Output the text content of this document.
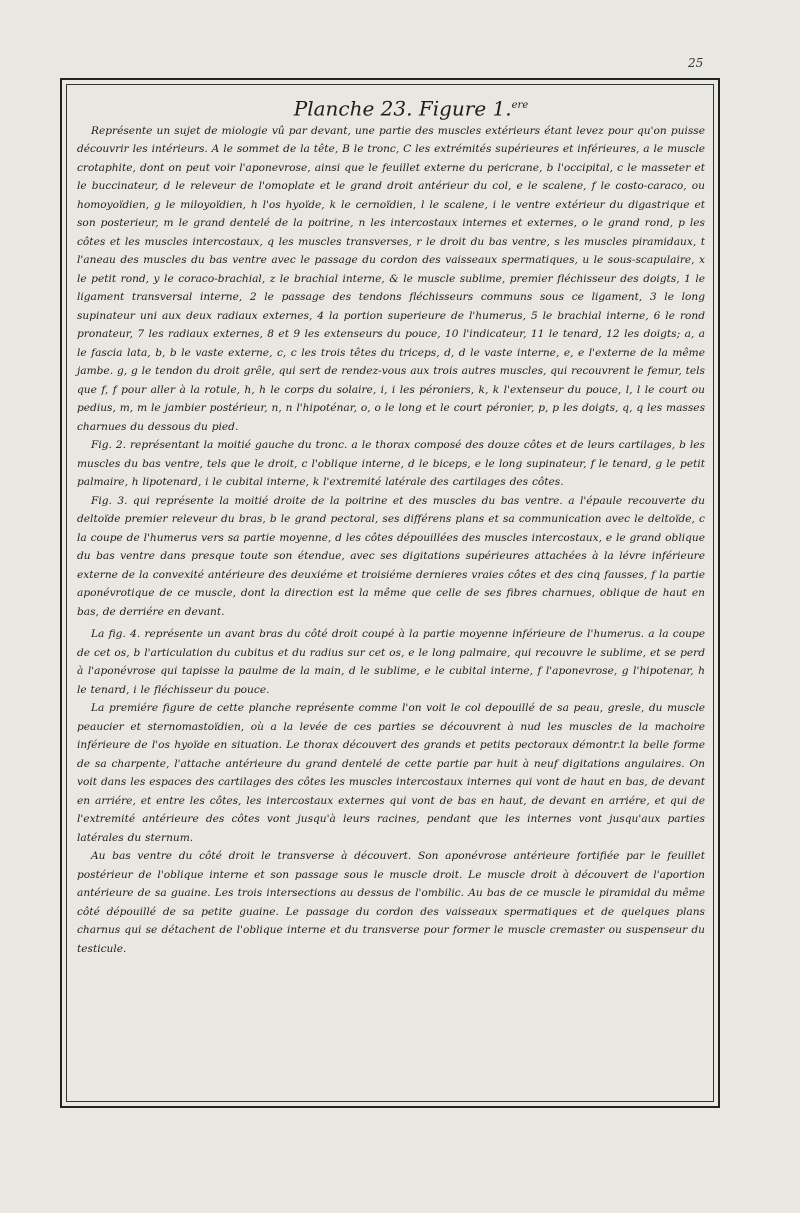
25
Planche 23. Figure 1.$^{ere}$

Représente un sujet de miologie vû par devant, une partie des muscles extérieurs étant levez pour qu'on puisse découvrir les intérieurs. A le sommet de la tête, B le tronc, C les extrémités supérieures et inférieures, a le muscle crotaphite, dont on peut voir l'aponevrose, ainsi que le feuillet externe du pericrane, b l'occipital, c le masseter et le buccinateur, d le releveur de l'omoplate et le grand droit antérieur du col, e le scalene, f le costo-caraco, ou homoyoïdien, g le miloyoïdien, h l'os hyoïde, k le cernoïdien, l le scalene, i le ventre extérieur du digastrique et son posterieur, m le grand dentelé de la poitrine, n les intercostaux internes et externes, o le grand rond, p les côtes et les muscles intercostaux, q les muscles transverses, r le droit du bas ventre, s les muscles piramidaux, t l'aneau des muscles du bas ventre avec le passage du cordon des vaisseaux spermatiques, u le sous-scapulaire, x le petit rond, y le coraco-brachial, z le brachial interne, & le muscle sublime, premier fléchisseur des doigts, 1 le ligament transversal interne, 2 le passage des tendons fléchisseurs communs sous ce ligament, 3 le long supinateur uni aux deux radiaux externes, 4 la portion superieure de l'humerus, 5 le brachial interne, 6 le rond pronateur, 7 les radiaux externes, 8 et 9 les extenseurs du pouce, 10 l'indicateur, 11 le tenard, 12 les doigts; a, a le fascia lata, b, b le vaste externe, c, c les trois têtes du triceps, d, d le vaste interne, e, e l'externe de la même jambe. g, g le tendon du droit grêle, qui sert de rendez-vous aux trois autres muscles, qui recouvrent le femur, tels que f, f pour aller à la rotule, h, h le corps du solaire, i, i les péroniers, k, k l'extenseur du pouce, l, l le court ou pedius, m, m le jambier postérieur, n, n l'hipoténar, o, o le long et le court péronier, p, p les doigts, q, q les masses charnues du dessous du pied.

Fig. 2. représentant la moitié gauche du tronc. a le thorax composé des douze côtes et de leurs cartilages, b les muscles du bas ventre, tels que le droit, c l'oblique interne, d le biceps, e le long supinateur, f le tenard, g le petit palmaire, h lipotenard, i le cubital interne, k l'extremité latérale des cartilages des côtes.

Fig. 3. qui représente la moitié droite de la poitrine et des muscles du bas ventre. a l'épaule recouverte du deltoïde premier releveur du bras, b le grand pectoral, ses différens plans et sa communication avec le deltoïde, c la coupe de l'humerus vers sa partie moyenne, d les côtes dépouillées des muscles intercostaux, e le grand oblique du bas ventre dans presque toute son étendue, avec ses digitations supérieures attachées à la lévre inférieure externe de la convexité antérieure des deuxiéme et troisiéme dernieres vraies côtes et des cinq fausses, f la partie aponévrotique de ce muscle, dont la direction est la même que celle de ses fibres charnues, oblique de haut en bas, de derriére en devant.

La fig. 4. représente un avant bras du côté droit coupé à la partie moyenne inférieure de l'humerus. a la coupe de cet os, b l'articulation du cubitus et du radius sur cet os, e le long palmaire, qui recouvre le sublime, et se perd à l'aponévrose qui tapisse la paulme de la main, d le sublime, e le cubital interne, f l'aponevrose, g l'hipotenar, h le tenard, i le fléchisseur du pouce.

La premiére figure de cette planche représente comme l'on voit le col depouillé de sa peau, gresle, du muscle peaucier et sternomastoïdien, où a la levée de ces parties se découvrent à nud les muscles de la machoire inférieure de l'os hyoïde en situation. Le thorax découvert des grands et petits pectoraux démontr.t la belle forme de sa charpente, l'attache antérieure du grand dentelé de cette partie par huit à neuf digitations angulaires. On voit dans les espaces des cartilages des côtes les muscles intercostaux internes qui vont de haut en bas, de devant en arriére, et entre les côtes, les intercostaux externes qui vont de bas en haut, de devant en arriére, et qui de l'extremité antérieure des côtes vont jusqu'à leurs racines, pendant que les internes vont jusqu'aux parties latérales du sternum.

Au bas ventre du côté droit le transverse à découvert. Son aponévrose antérieure fortifiée par le feuillet postérieur de l'oblique interne et son passage sous le muscle droit. Le muscle droit à découvert de l'aportion antérieure de sa guaine. Les trois intersections au dessus de l'ombilic. Au bas de ce muscle le piramidal du même côté dépouillé de sa petite guaine. Le passage du cordon des vaisseaux spermatiques et de quelques plans charnus qui se détachent de l'oblique interne et du transverse pour former le muscle cremaster ou suspenseur du testicule.
